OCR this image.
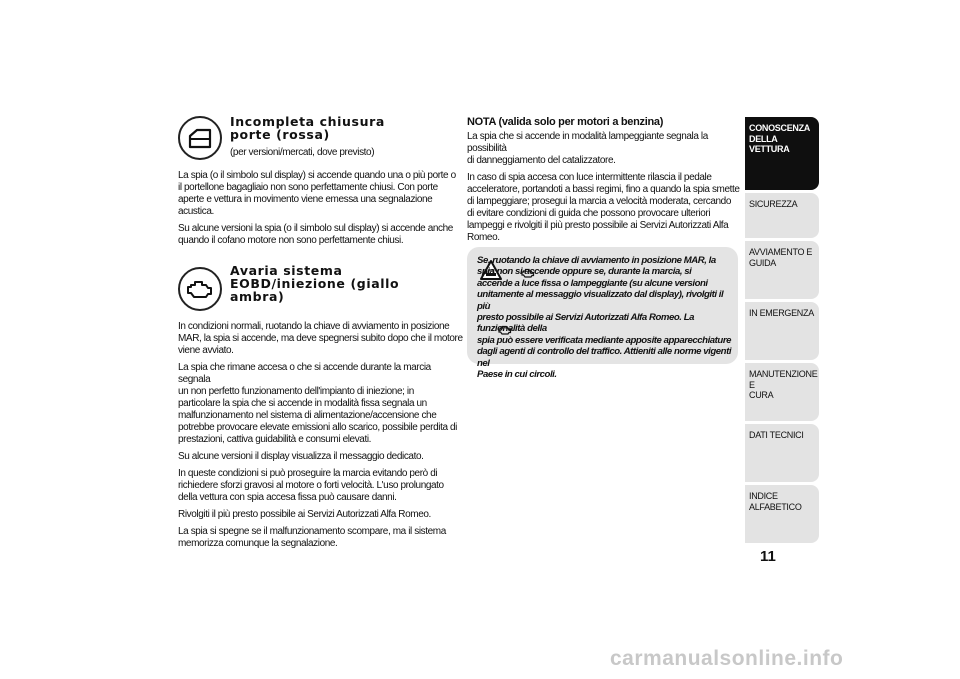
Incompleta chiusura porte (rossa)
(per versioni/mercati, dove previsto)

La spia (o il simbolo sul display) si accende quando una o più porte o
il portellone bagagliaio non sono perfettamente chiusi. Con porte
aperte e vettura in movimento viene emessa una segnalazione
acustica.

Su alcune versioni la spia (o il simbolo sul display) si accende anche
quando il cofano motore non sono perfettamente chiusi.

Avaria sistema EOBD/iniezione (giallo ambra)

In condizioni normali, ruotando la chiave di avviamento in posizione
MAR, la spia si accende, ma deve spegnersi subito dopo che il motore
viene avviato.

La spia che rimane accesa o che si accende durante la marcia segnala
un non perfetto funzionamento dell'impianto di iniezione; in
particolare la spia che si accende in modalità fissa segnala un
malfunzionamento nel sistema di alimentazione/accensione che
potrebbe provocare elevate emissioni allo scarico, possibile perdita di
prestazioni, cattiva guidabilità e consumi elevati.

Su alcune versioni il display visualizza il messaggio dedicato.

In queste condizioni si può proseguire la marcia evitando però di
richiedere sforzi gravosi al motore o forti velocità. L'uso prolungato
della vettura con spia accesa fissa può causare danni.

Rivolgiti il più presto possibile ai Servizi Autorizzati Alfa Romeo.

La spia si spegne se il malfunzionamento scompare, ma il sistema
memorizza comunque la segnalazione.

NOTA (valida solo per motori a benzina)

La spia che si accende in modalità lampeggiante segnala la possibilità
di danneggiamento del catalizzatore.

In caso di spia accesa con luce intermittente rilascia il pedale
acceleratore, portandoti a bassi regimi, fino a quando la spia smette
di lampeggiare; prosegui la marcia a velocità moderata, cercando
di evitare condizioni di guida che possono provocare ulteriori
lampeggi e rivolgiti il più presto possibile ai Servizi Autorizzati Alfa
Romeo.

Se, ruotando la chiave di avviamento in posizione MAR, la
spia non si accende oppure se, durante la marcia, si
accende a luce fissa o lampeggiante (su alcune versioni
unitamente al messaggio visualizzato dal display), rivolgiti il più
presto possibile ai Servizi Autorizzati Alfa Romeo. La funzionalità della
spia può essere verificata mediante apposite apparecchiature
dagli agenti di controllo del traffico. Attieniti alle norme vigenti nel
Paese in cui circoli.

CONOSCENZA
DELLA VETTURA
SICUREZZA
AVVIAMENTO E
GUIDA
IN EMERGENZA
MANUTENZIONE E
CURA
DATI TECNICI
INDICE ALFABETICO
11
carmanualsonline.info
